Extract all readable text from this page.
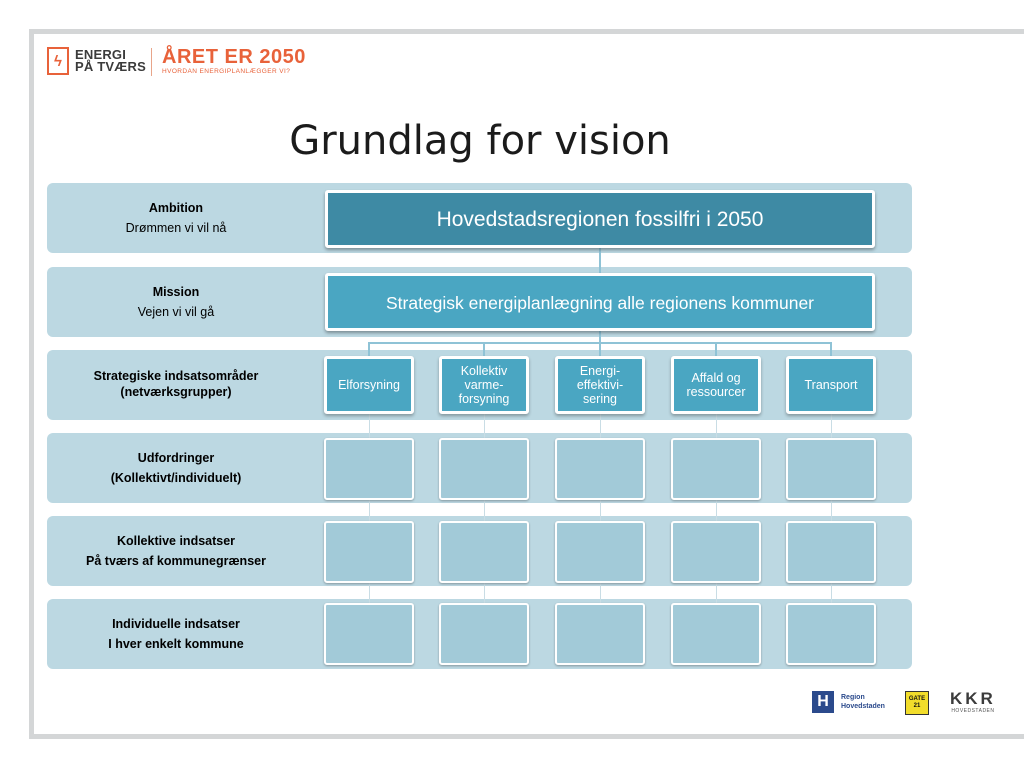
ϟ	ENERGI
PÅ TVÆRS ÅRET ER 2050
HVORDAN ENERGIPLANLÆGGER VI?
Grundlag for vision
Ambition
Drømmen vi vil nå
Mission
Vejen vi vil gå
Strategiske indsatsområder
(netværksgrupper)
Udfordringer
(Kollektivt/individuelt)
Kollektive indsatser
På tværs af kommunegrænser
Individuelle indsatser
I hver enkelt kommune
Hovedstadsregionen fossilfri i 2050
Strategisk energiplanlægning alle regionens kommuner
Elforsyning
Kollektiv varme-forsyning
Energi-effektivi-sering
Affald og ressourcer	Transport
H	Region
Hovedstaden
GATE
21	KKR
HOVEDSTADEN
